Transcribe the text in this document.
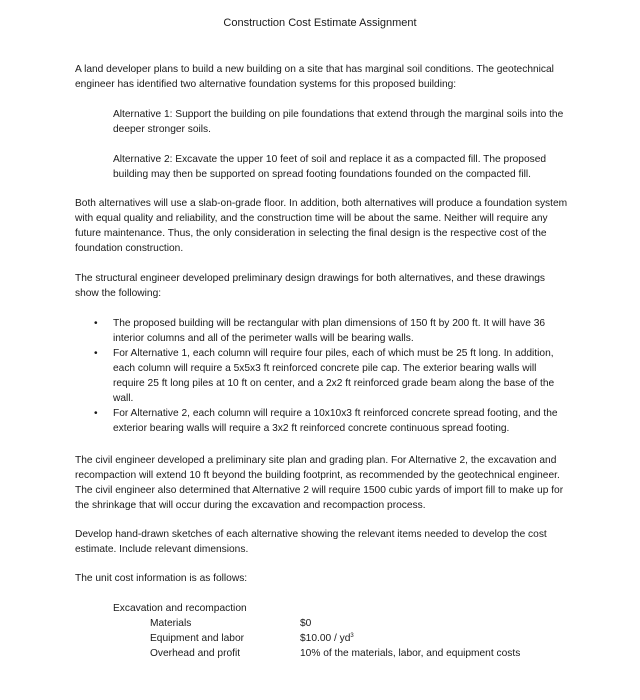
Construction Cost Estimate Assignment

A land developer plans to build a new building on a site that has marginal soil conditions. The geotechnical engineer has identified two alternative foundation systems for this proposed building:

Alternative 1: Support the building on pile foundations that extend through the marginal soils into the deeper stronger soils.

Alternative 2: Excavate the upper 10 feet of soil and replace it as a compacted fill. The proposed building may then be supported on spread footing foundations founded on the compacted fill.

Both alternatives will use a slab-on-grade floor. In addition, both alternatives will produce a foundation system with equal quality and reliability, and the construction time will be about the same. Neither will require any future maintenance. Thus, the only consideration in selecting the final design is the respective cost of the foundation construction.

The structural engineer developed preliminary design drawings for both alternatives, and these drawings show the following:

• The proposed building will be rectangular with plan dimensions of 150 ft by 200 ft. It will have 36 interior columns and all of the perimeter walls will be bearing walls.
• For Alternative 1, each column will require four piles, each of which must be 25 ft long. In addition, each column will require a 5x5x3 ft reinforced concrete pile cap. The exterior bearing walls will require 25 ft long piles at 10 ft on center, and a 2x2 ft reinforced grade beam along the base of the wall.
• For Alternative 2, each column will require a 10x10x3 ft reinforced concrete spread footing, and the exterior bearing walls will require a 3x2 ft reinforced concrete continuous spread footing.

The civil engineer developed a preliminary site plan and grading plan. For Alternative 2, the excavation and recompaction will extend 10 ft beyond the building footprint, as recommended by the geotechnical engineer. The civil engineer also determined that Alternative 2 will require 1500 cubic yards of import fill to make up for the shrinkage that will occur during the excavation and recompaction process.

Develop hand-drawn sketches of each alternative showing the relevant items needed to develop the cost estimate. Include relevant dimensions.

The unit cost information is as follows:

Excavation and recompaction
Materials	$0
Equipment and labor	$10.00 / $yd^3$
Overhead and profit	10% of the materials, labor, and equipment costs
